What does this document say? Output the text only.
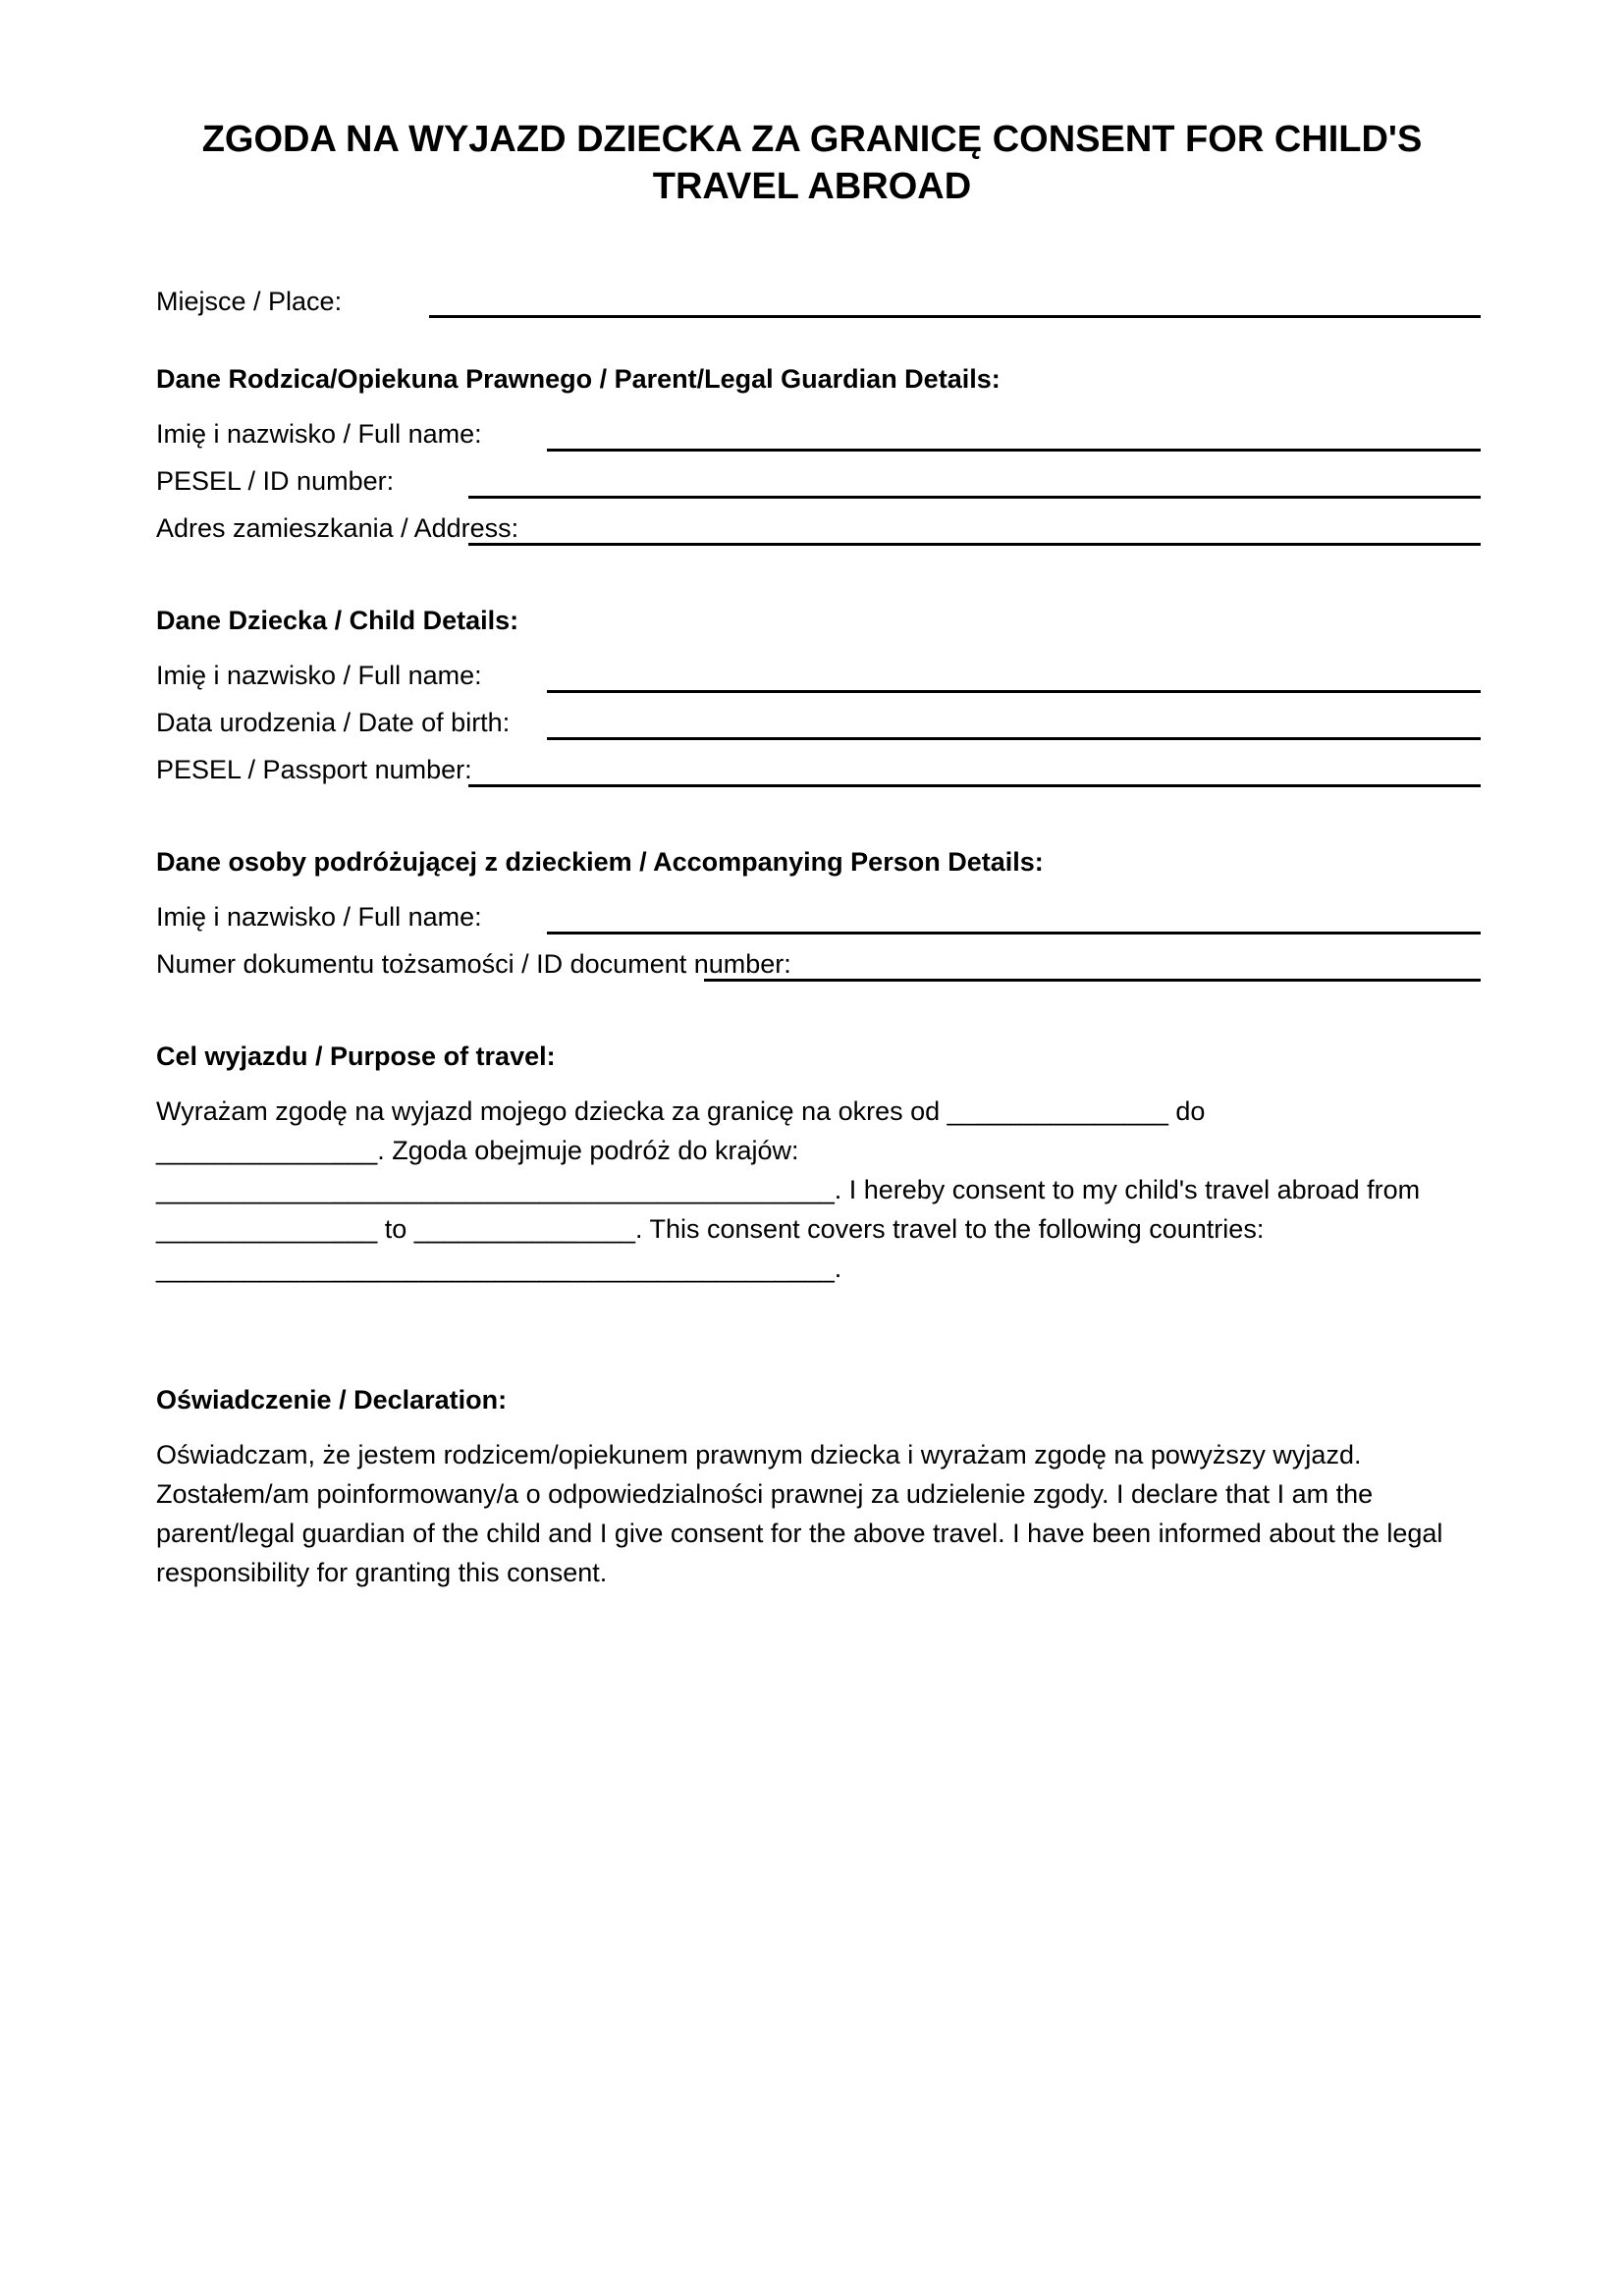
ZGODA NA WYJAZD DZIECKA ZA GRANICĘ CONSENT FOR CHILD'S TRAVEL ABROAD
Miejsce / Place:
Dane Rodzica/Opiekuna Prawnego / Parent/Legal Guardian Details:
Imię i nazwisko / Full name:
PESEL / ID number:
Adres zamieszkania / Address:
Dane Dziecka / Child Details:
Imię i nazwisko / Full name:
Data urodzenia / Date of birth:
PESEL / Passport number:
Dane osoby podróżującej z dzieckiem / Accompanying Person Details:
Imię i nazwisko / Full name:
Numer dokumentu tożsamości / ID document number:
Cel wyjazdu / Purpose of travel:

Wyrażam zgodę na wyjazd mojego dziecka za granicę na okres od _______________ do

_______________. Zgoda obejmuje podróż do krajów:

______________________________________________. I hereby consent to my child's travel abroad from

_______________ to _______________. This consent covers travel to the following countries:

______________________________________________.

Oświadczenie / Declaration:

Oświadczam, że jestem rodzicem/opiekunem prawnym dziecka i wyrażam zgodę na powyższy wyjazd. Zostałem/am poinformowany/a o odpowiedzialności prawnej za udzielenie zgody. I declare that I am the parent/legal guardian of the child and I give consent for the above travel. I have been informed about the legal responsibility for granting this consent.
